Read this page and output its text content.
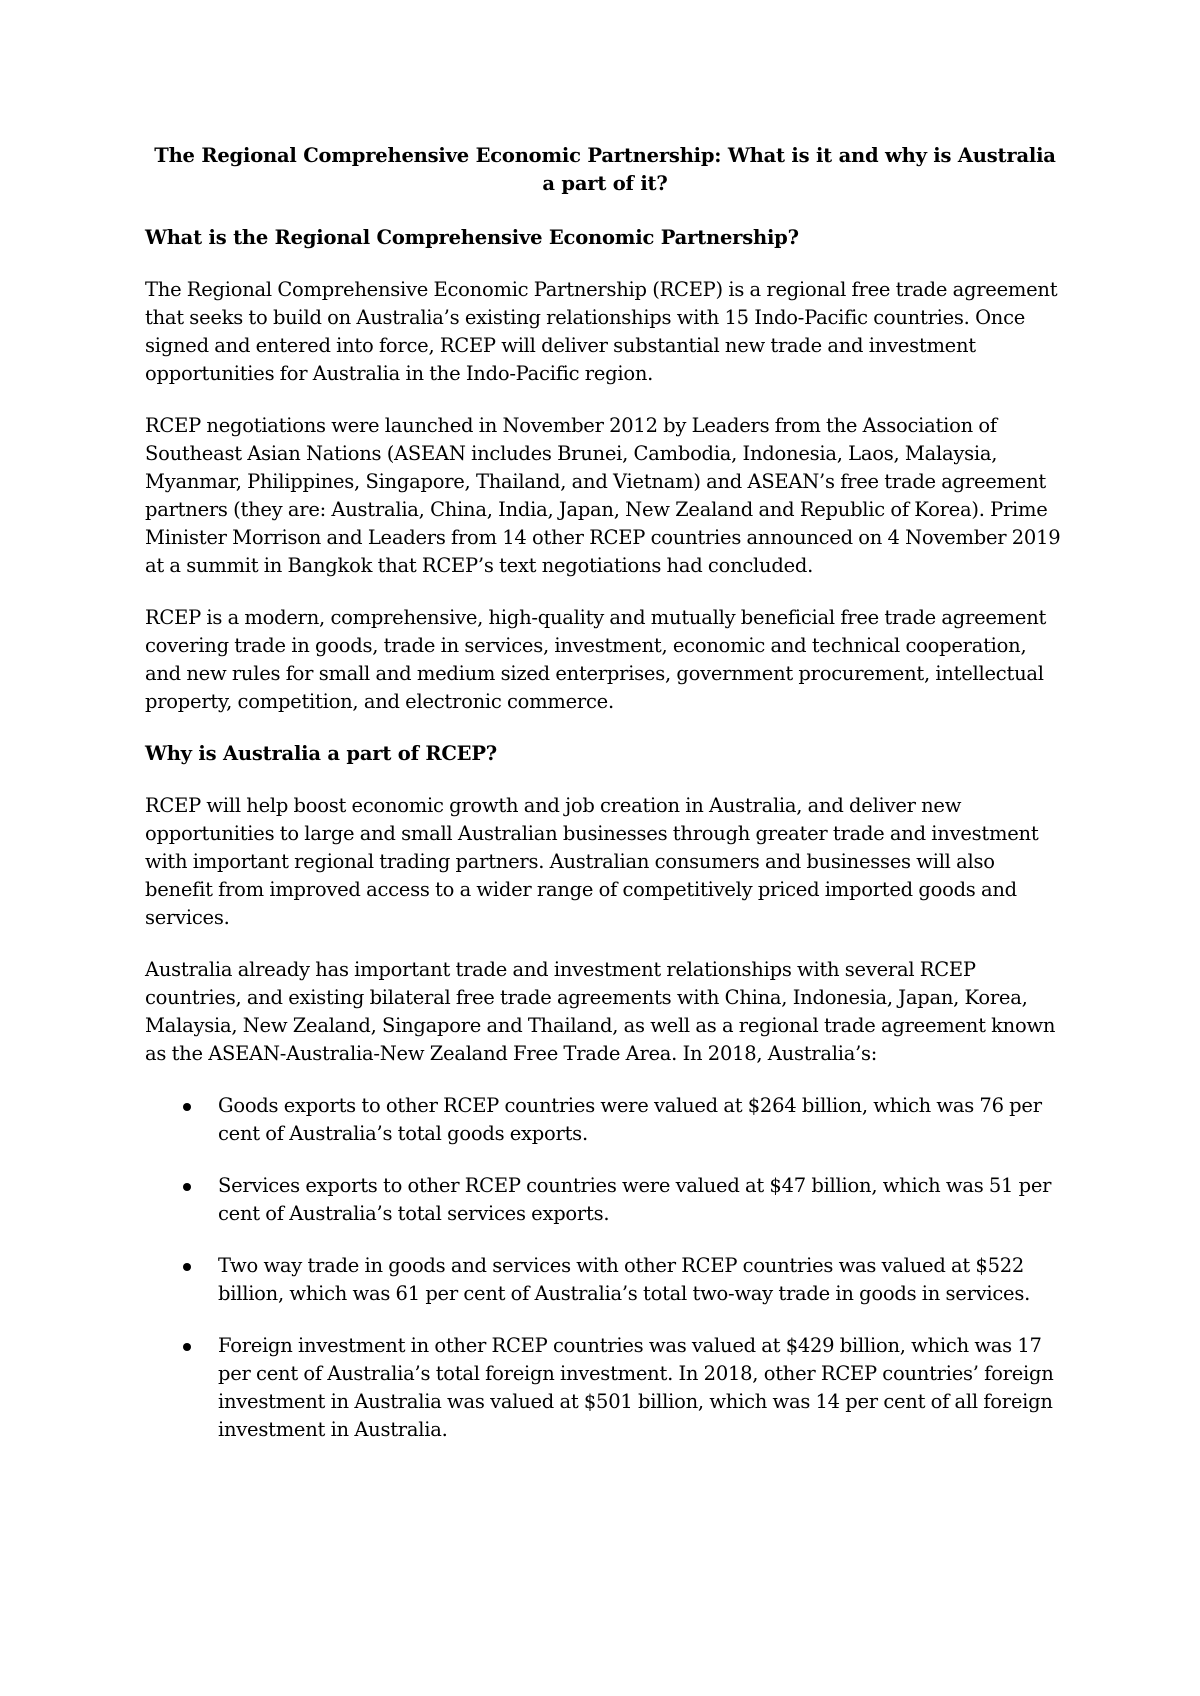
The Regional Comprehensive Economic Partnership: What is it and why is Australia a part of it?
What is the Regional Comprehensive Economic Partnership?

The Regional Comprehensive Economic Partnership (RCEP) is a regional free trade agreement that seeks to build on Australia’s existing relationships with 15 Indo-Pacific countries. Once signed and entered into force, RCEP will deliver substantial new trade and investment opportunities for Australia in the Indo-Pacific region.

RCEP negotiations were launched in November 2012 by Leaders from the Association of Southeast Asian Nations (ASEAN includes Brunei, Cambodia, Indonesia, Laos, Malaysia, Myanmar, Philippines, Singapore, Thailand, and Vietnam) and ASEAN’s free trade agreement partners (they are: Australia, China, India, Japan, New Zealand and Republic of Korea). Prime Minister Morrison and Leaders from 14 other RCEP countries announced on 4 November 2019 at a summit in Bangkok that RCEP’s text negotiations had concluded.

RCEP is a modern, comprehensive, high-quality and mutually beneficial free trade agreement covering trade in goods, trade in services, investment, economic and technical cooperation, and new rules for small and medium sized enterprises, government procurement, intellectual property, competition, and electronic commerce.

Why is Australia a part of RCEP?

RCEP will help boost economic growth and job creation in Australia, and deliver new opportunities to large and small Australian businesses through greater trade and investment with important regional trading partners. Australian consumers and businesses will also benefit from improved access to a wider range of competitively priced imported goods and services.

Australia already has important trade and investment relationships with several RCEP countries, and existing bilateral free trade agreements with China, Indonesia, Japan, Korea, Malaysia, New Zealand, Singapore and Thailand, as well as a regional trade agreement known as the ASEAN-Australia-New Zealand Free Trade Area. In 2018, Australia’s:

Goods exports to other RCEP countries were valued at $264 billion, which was 76 per cent of Australia’s total goods exports.
Services exports to other RCEP countries were valued at $47 billion, which was 51 per cent of Australia’s total services exports.
Two way trade in goods and services with other RCEP countries was valued at $522 billion, which was 61 per cent of Australia’s total two-way trade in goods in services.
Foreign investment in other RCEP countries was valued at $429 billion, which was 17 per cent of Australia’s total foreign investment. In 2018, other RCEP countries’ foreign investment in Australia was valued at $501 billion, which was 14 per cent of all foreign investment in Australia.
